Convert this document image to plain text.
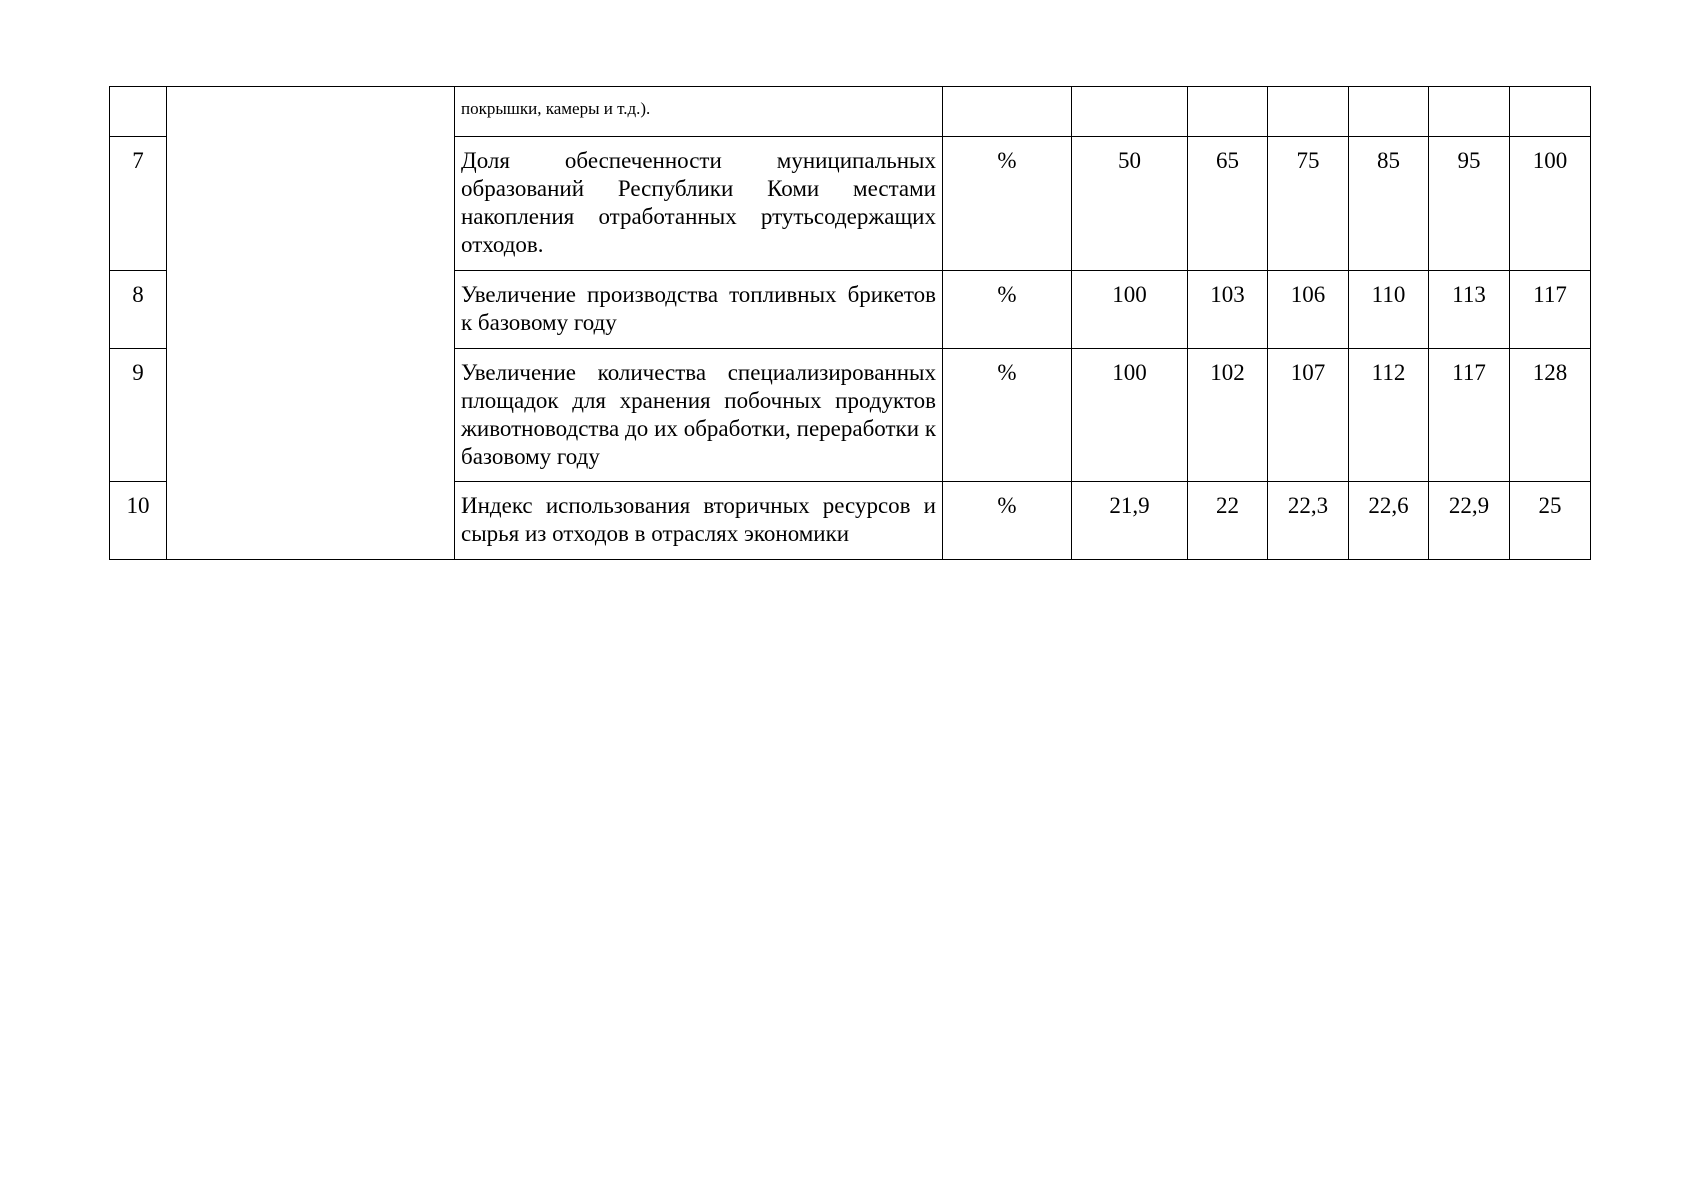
		покрышки, камеры и т.д.).							
7		Доля обеспеченности муниципальных образований Республики Коми местами накопления отработанных ртутьсодержащих отходов.	%	50	65	75	85	95	100
8		Увеличение производства топливных брикетов к базовому году	%	100	103	106	110	113	117
9		Увеличение количества специализированных площадок для хранения побочных продуктов животноводства до их обработки, переработки к базовому году	%	100	102	107	112	117	128
10		Индекс использования вторичных ресурсов и сырья из отходов в отраслях экономики	%	21,9	22	22,3	22,6	22,9	25
